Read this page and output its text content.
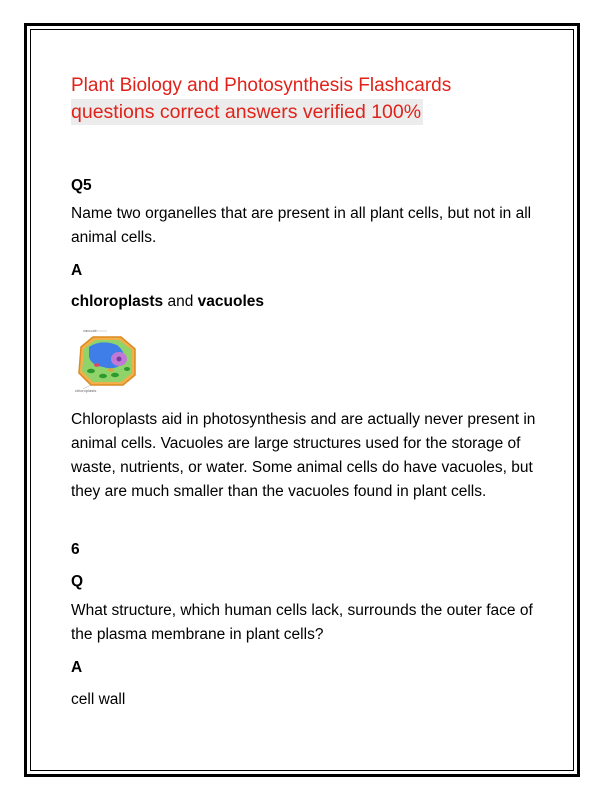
Plant Biology and Photosynthesis Flashcards

questions correct answers verified 100%

Q5

Name two organelles that are present in all plant cells, but not in all animal cells.

A

chloroplasts and vacuoles

vacuole
chloroplasts

Chloroplasts aid in photosynthesis and are actually never present in animal cells. Vacuoles are large structures used for the storage of waste, nutrients, or water. Some animal cells do have vacuoles, but they are much smaller than the vacuoles found in plant cells.

6

Q

What structure, which human cells lack, surrounds the outer face of the plasma membrane in plant cells?

A

cell wall
